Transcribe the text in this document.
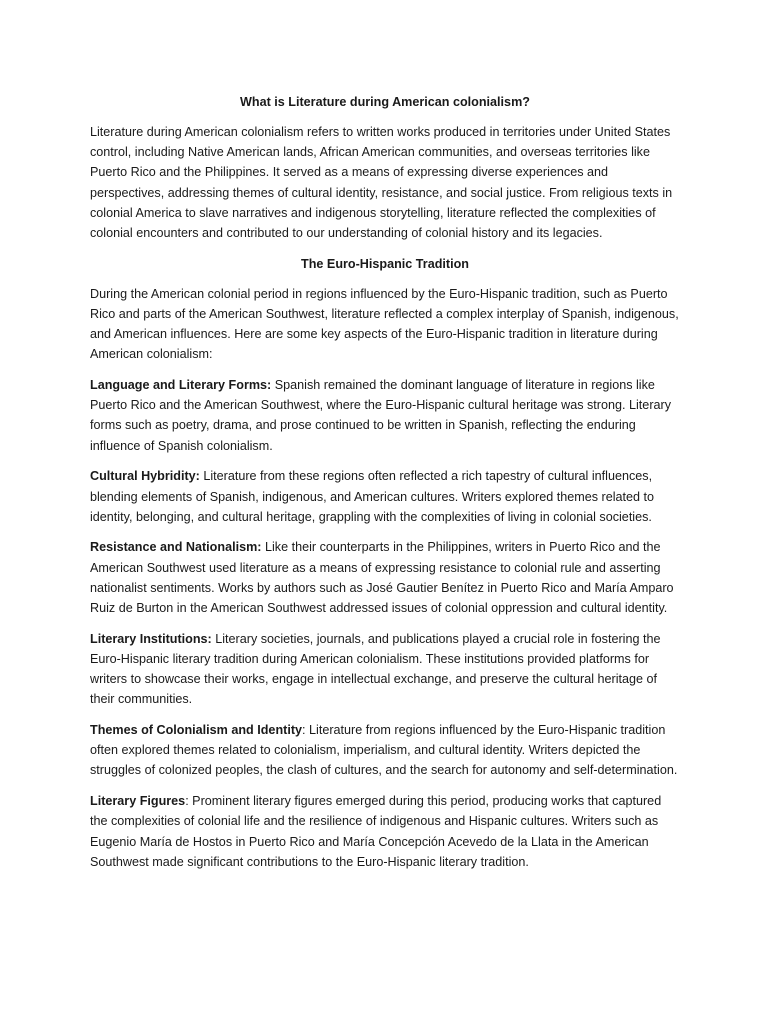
What is Literature during American colonialism?

Literature during American colonialism refers to written works produced in territories under United States control, including Native American lands, African American communities, and overseas territories like Puerto Rico and the Philippines. It served as a means of expressing diverse experiences and perspectives, addressing themes of cultural identity, resistance, and social justice. From religious texts in colonial America to slave narratives and indigenous storytelling, literature reflected the complexities of colonial encounters and contributed to our understanding of colonial history and its legacies.

The Euro-Hispanic Tradition

During the American colonial period in regions influenced by the Euro-Hispanic tradition, such as Puerto Rico and parts of the American Southwest, literature reflected a complex interplay of Spanish, indigenous, and American influences. Here are some key aspects of the Euro-Hispanic tradition in literature during American colonialism:

Language and Literary Forms: Spanish remained the dominant language of literature in regions like Puerto Rico and the American Southwest, where the Euro-Hispanic cultural heritage was strong. Literary forms such as poetry, drama, and prose continued to be written in Spanish, reflecting the enduring influence of Spanish colonialism.

Cultural Hybridity: Literature from these regions often reflected a rich tapestry of cultural influences, blending elements of Spanish, indigenous, and American cultures. Writers explored themes related to identity, belonging, and cultural heritage, grappling with the complexities of living in colonial societies.

Resistance and Nationalism: Like their counterparts in the Philippines, writers in Puerto Rico and the American Southwest used literature as a means of expressing resistance to colonial rule and asserting nationalist sentiments. Works by authors such as José Gautier Benítez in Puerto Rico and María Amparo Ruiz de Burton in the American Southwest addressed issues of colonial oppression and cultural identity.

Literary Institutions: Literary societies, journals, and publications played a crucial role in fostering the Euro-Hispanic literary tradition during American colonialism. These institutions provided platforms for writers to showcase their works, engage in intellectual exchange, and preserve the cultural heritage of their communities.

Themes of Colonialism and Identity: Literature from regions influenced by the Euro-Hispanic tradition often explored themes related to colonialism, imperialism, and cultural identity. Writers depicted the struggles of colonized peoples, the clash of cultures, and the search for autonomy and self-determination.

Literary Figures: Prominent literary figures emerged during this period, producing works that captured the complexities of colonial life and the resilience of indigenous and Hispanic cultures. Writers such as Eugenio María de Hostos in Puerto Rico and María Concepción Acevedo de la Llata in the American Southwest made significant contributions to the Euro-Hispanic literary tradition.
